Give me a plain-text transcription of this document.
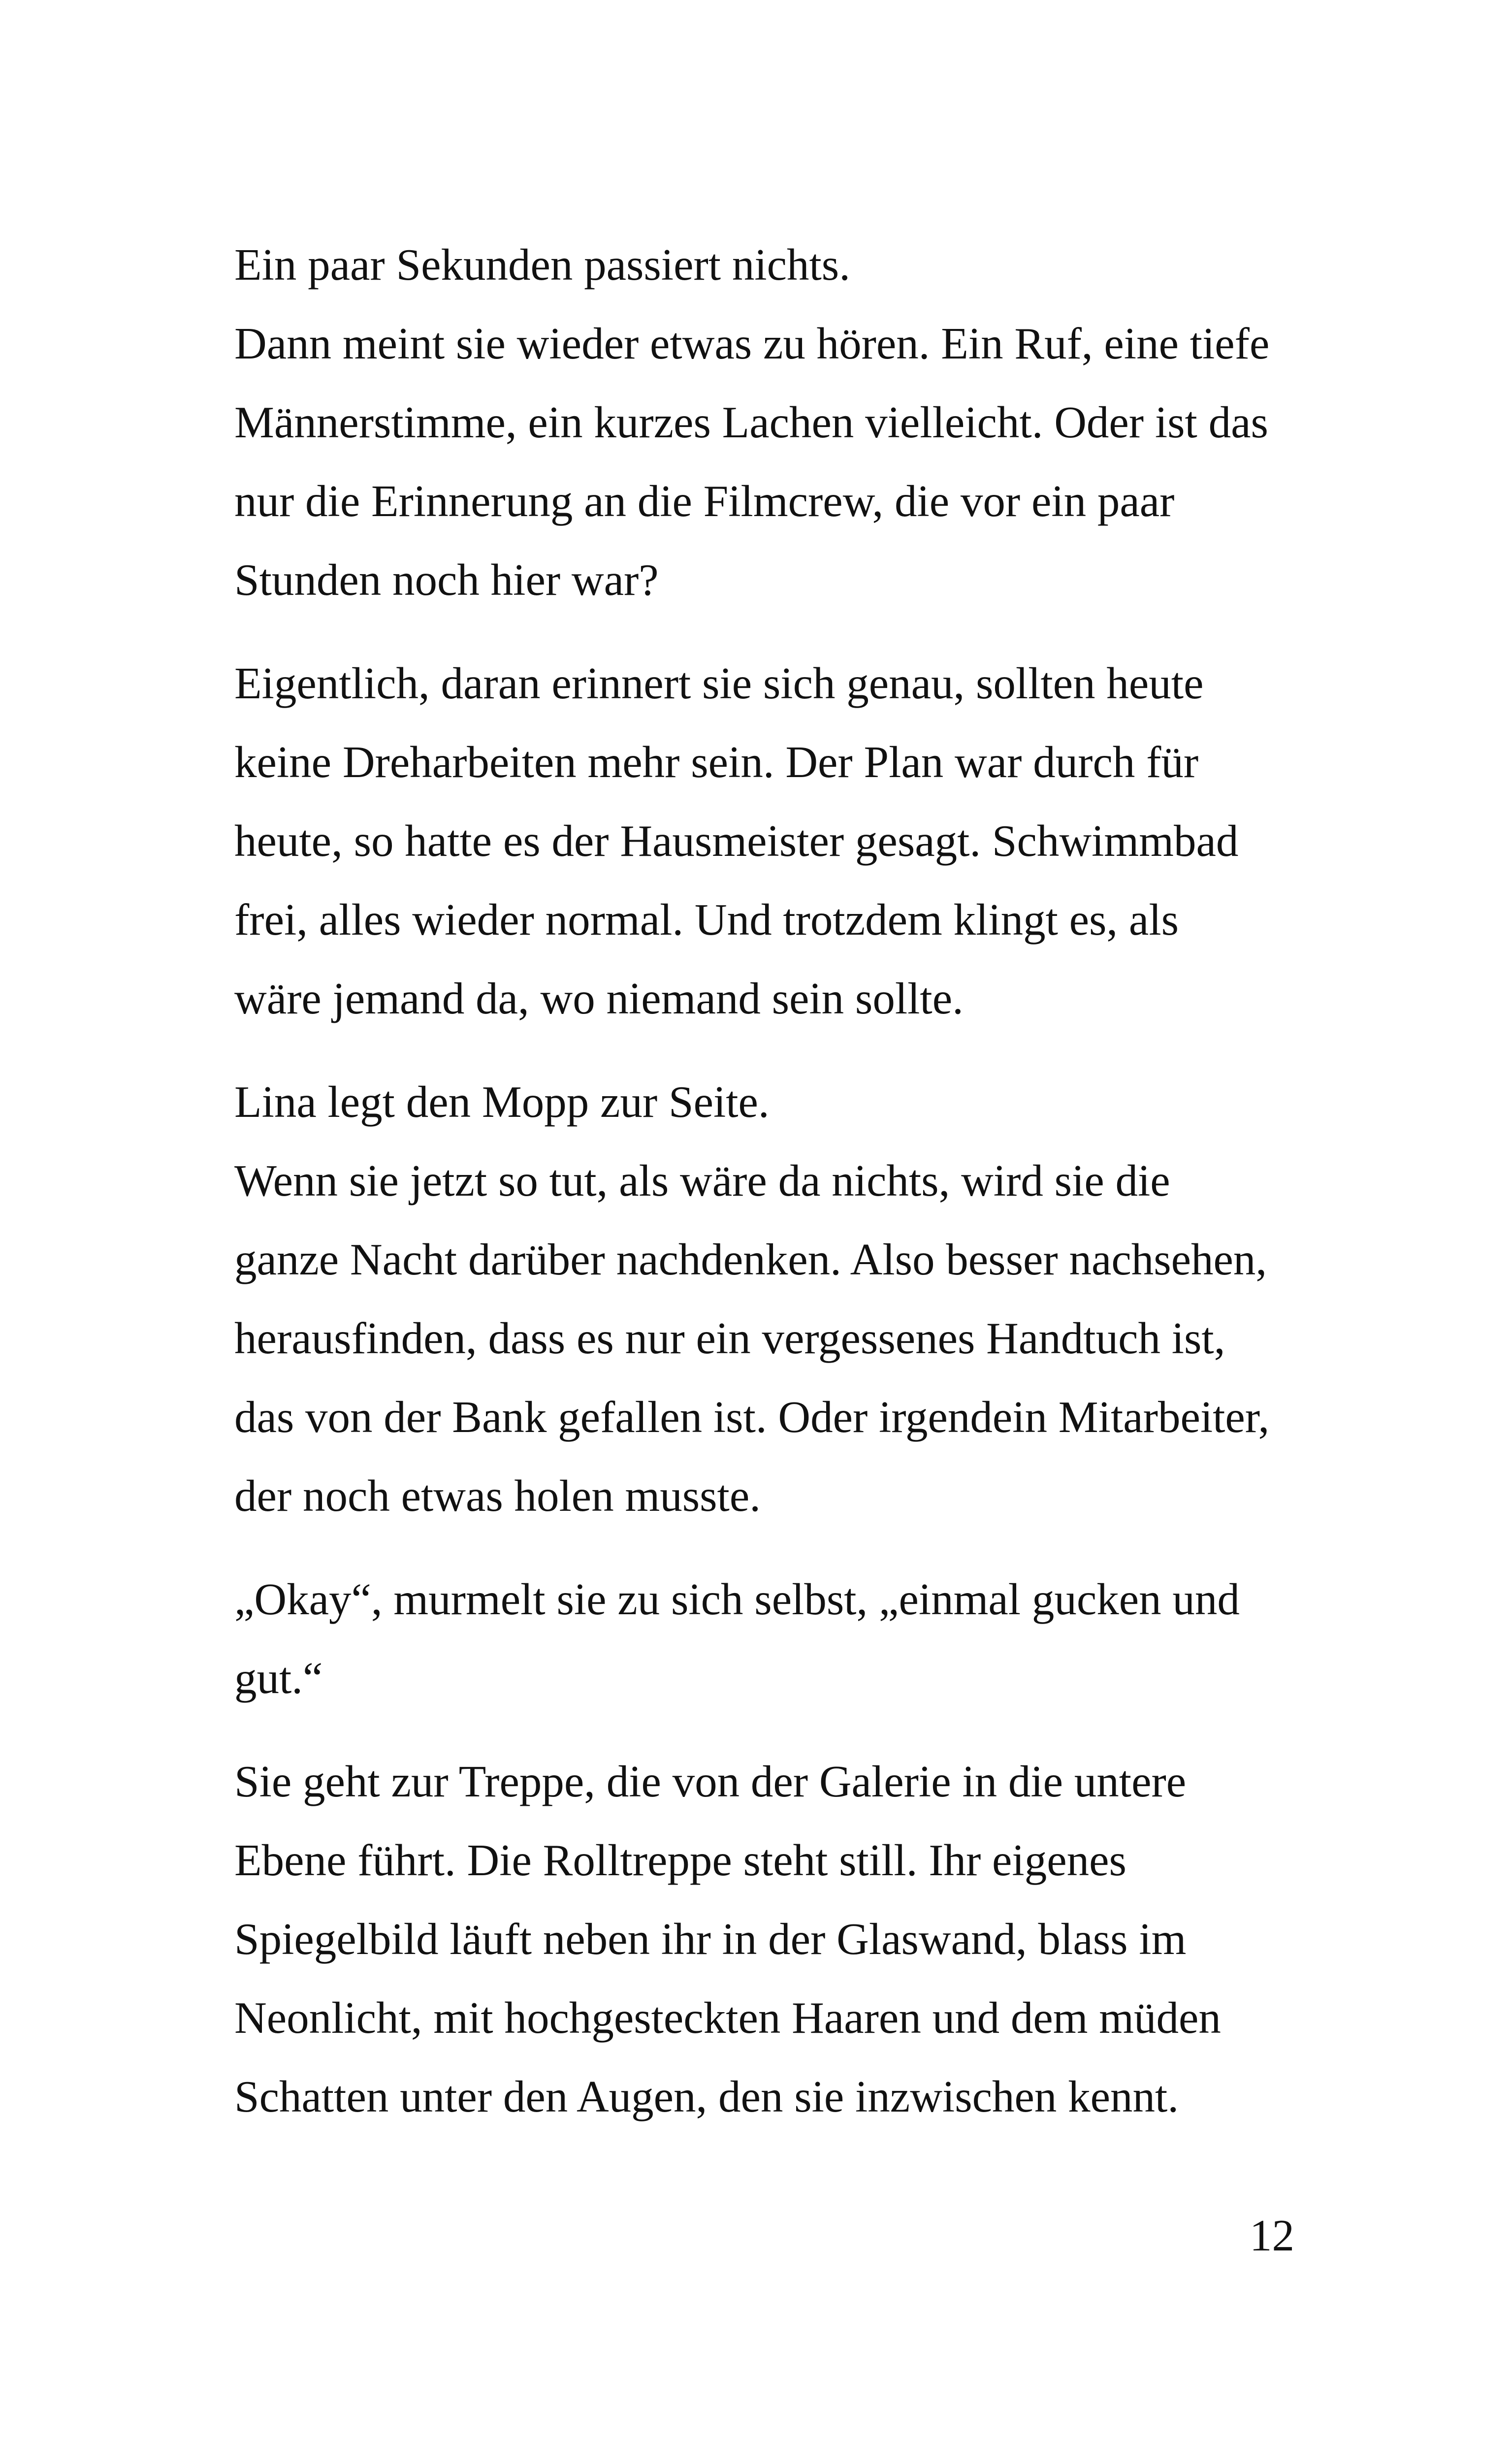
Ein paar Sekunden passiert nichts.
Dann meint sie wieder etwas zu hören. Ein Ruf, eine tiefe
Männerstimme, ein kurzes Lachen vielleicht. Oder ist das
nur die Erinnerung an die Filmcrew, die vor ein paar
Stunden noch hier war?
Eigentlich, daran erinnert sie sich genau, sollten heute
keine Dreharbeiten mehr sein. Der Plan war durch für
heute, so hatte es der Hausmeister gesagt. Schwimmbad
frei, alles wieder normal. Und trotzdem klingt es, als
wäre jemand da, wo niemand sein sollte.
Lina legt den Mopp zur Seite.
Wenn sie jetzt so tut, als wäre da nichts, wird sie die
ganze Nacht darüber nachdenken. Also besser nachsehen,
herausfinden, dass es nur ein vergessenes Handtuch ist,
das von der Bank gefallen ist. Oder irgendein Mitarbeiter,
der noch etwas holen musste.
„Okay“, murmelt sie zu sich selbst, „einmal gucken und
gut.“
Sie geht zur Treppe, die von der Galerie in die untere
Ebene führt. Die Rolltreppe steht still. Ihr eigenes
Spiegelbild läuft neben ihr in der Glaswand, blass im
Neonlicht, mit hochgesteckten Haaren und dem müden
Schatten unter den Augen, den sie inzwischen kennt.
12
